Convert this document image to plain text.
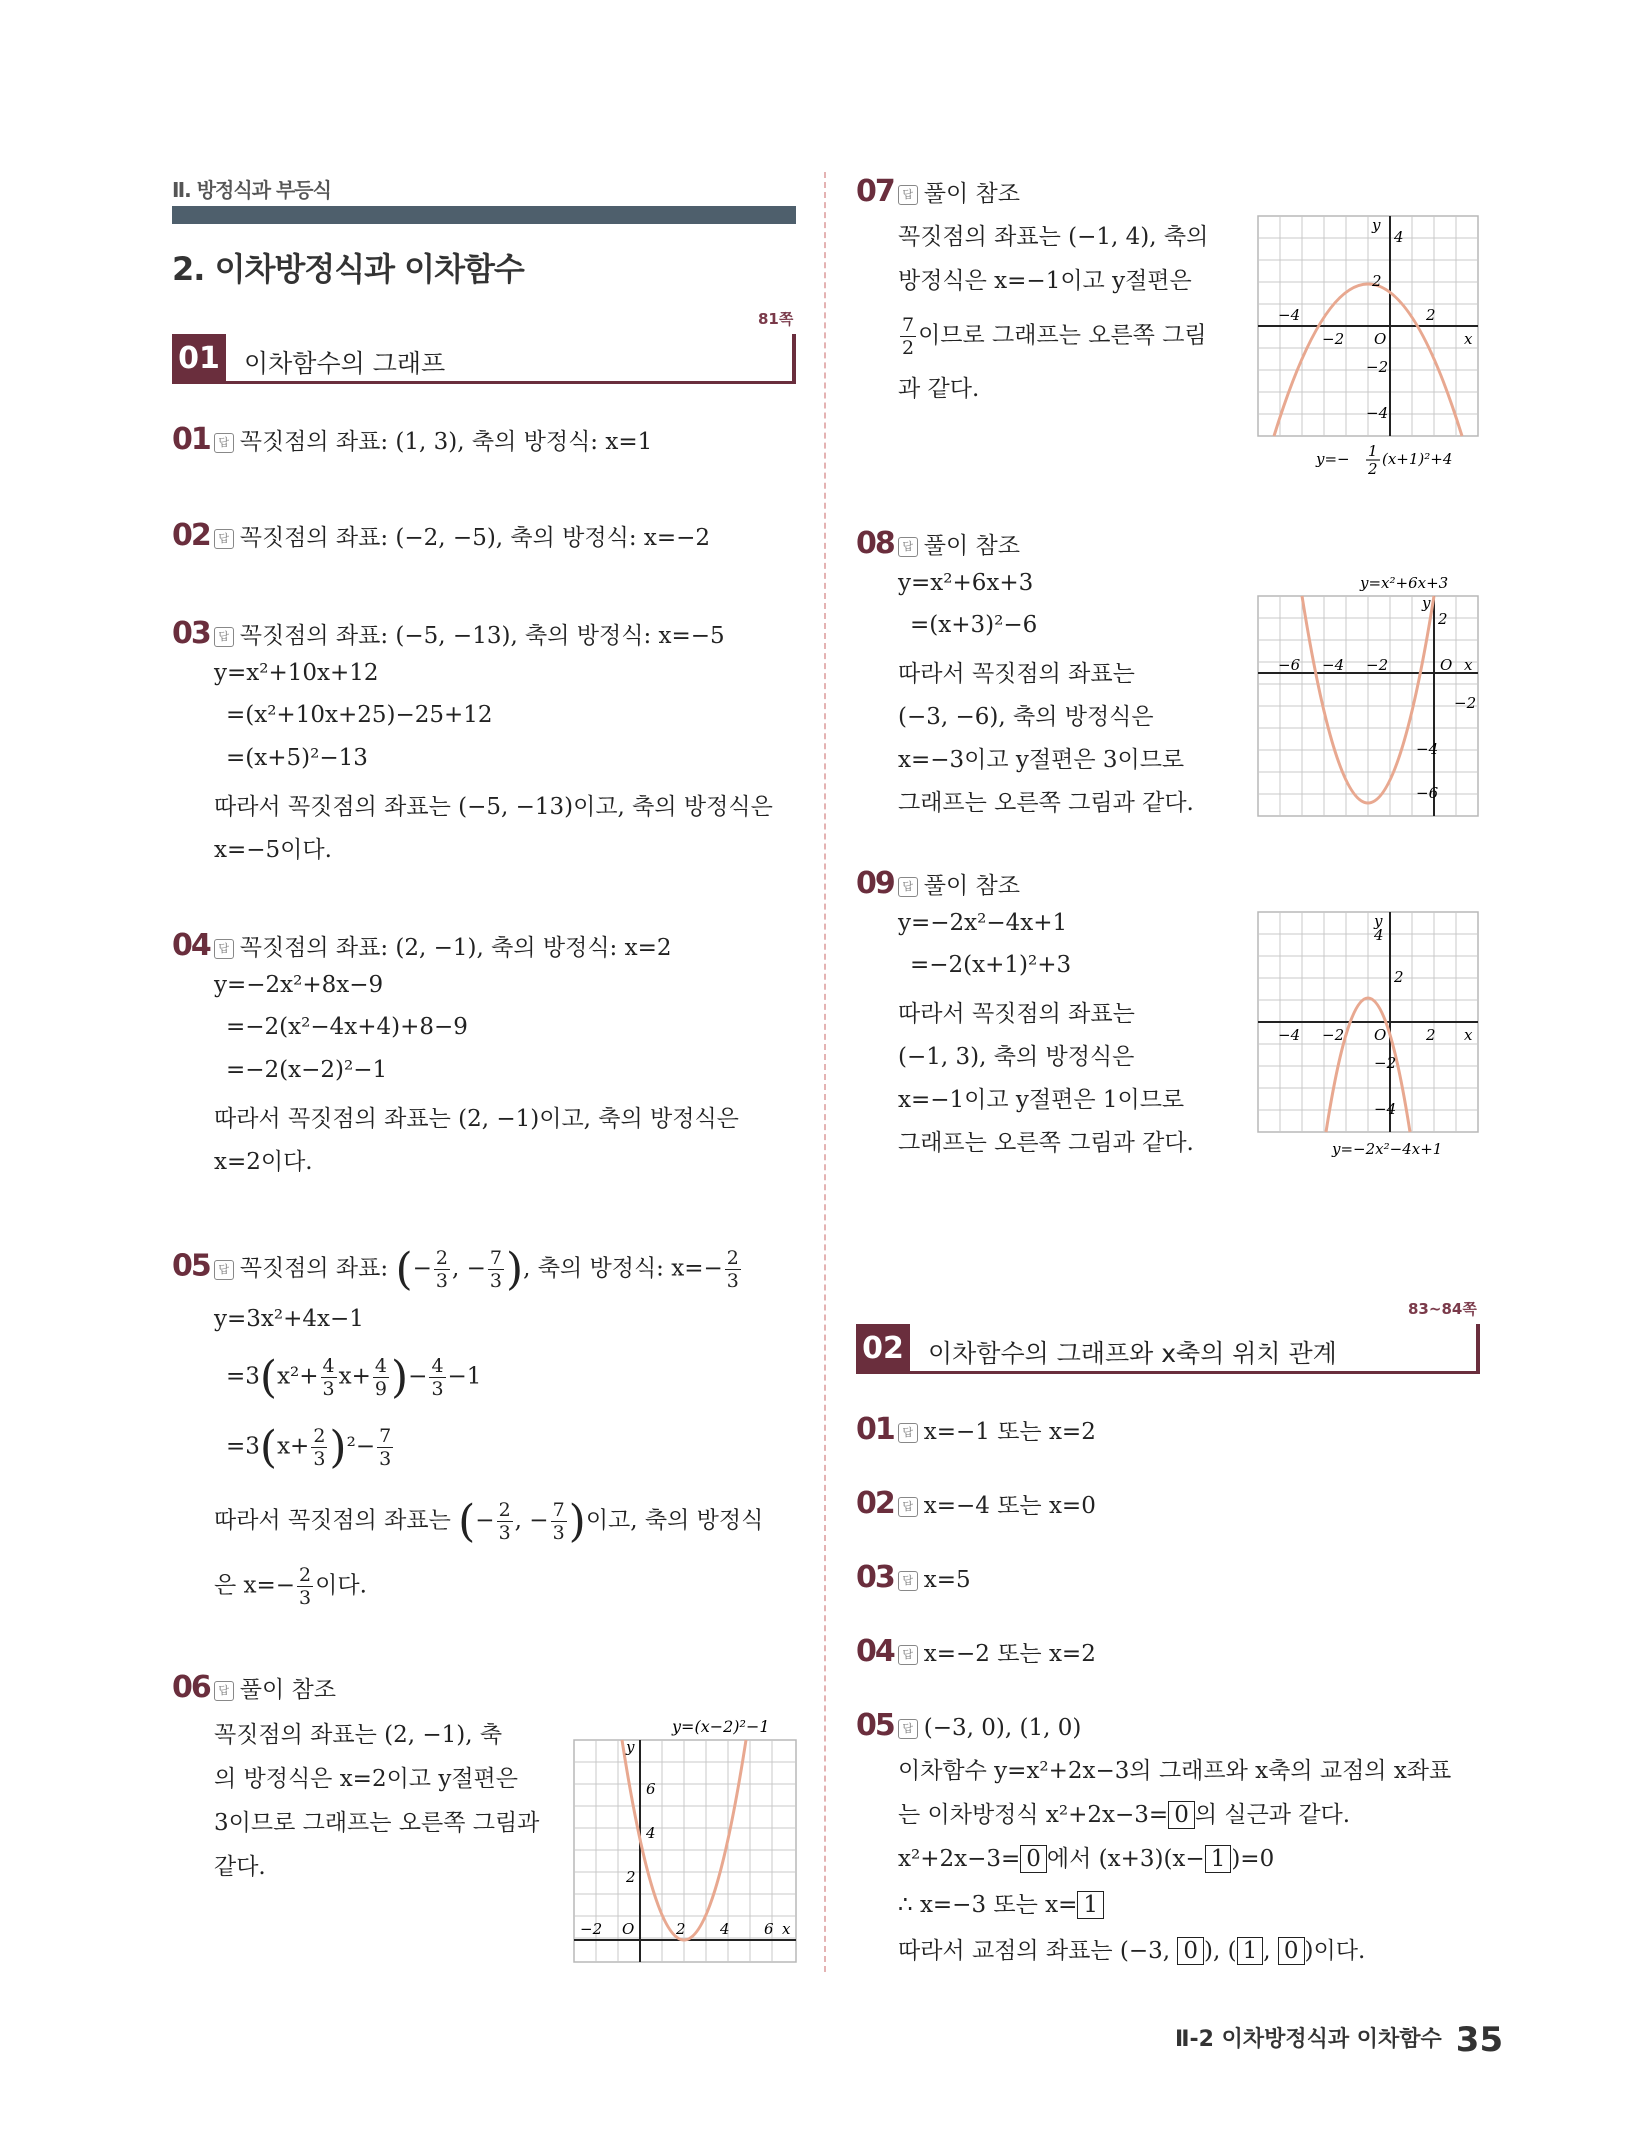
Ⅱ. 방정식과 부등식
2. 이차방정식과 이차함수
81쪽
01 이차함수의 그래프
01 답 꼭짓점의 좌표: (1, 3), 축의 방정식: x=1
02 답 꼭짓점의 좌표: (−2, −5), 축의 방정식: x=−2
03 답 꼭짓점의 좌표: (−5, −13), 축의 방정식: x=−5
y=x²+10x+12
=(x²+10x+25)−25+12
=(x+5)²−13
따라서 꼭짓점의 좌표는 (−5, −13)이고, 축의 방정식은
x=−5이다.
04 답 꼭짓점의 좌표: (2, −1), 축의 방정식: x=2
y=−2x²+8x−9
=−2(x²−4x+4)+8−9
=−2(x−2)²−1
따라서 꼭짓점의 좌표는 (2, −1)이고, 축의 방정식은
x=2이다.
05 답 꼭짓점의 좌표: (− $\frac{2}{3}$ , − $\frac{7}{3}$ ), 축의 방정식: $x=- \frac{2}{3}$
y=3x²+4x−1
$=3(x^2+ \frac{4}{3} x+ \frac{4}{9}$ )− $\frac{4}{3} -1$
$=3(x+ \frac{2}{3} )^2- \frac{7}{3}$
따라서 꼭짓점의 좌표는 (− $\frac{2}{3}$ , − $\frac{7}{3}$ )이고, 축의 방정식
은 $x=- \frac{2}{3}$ 이다.
06 답 풀이 참조
꼭짓점의 좌표는 (2, −1), 축
의 방정식은 x=2이고 y절편은
3이므로 그래프는 오른쪽 그림과
같다.
y=(x−2)²−1
y
6
4
2
−2 O	2 4 6 x
07 답 풀이 참조
꼭짓점의 좌표는 (−1, 4), 축의
방정식은 x=−1이고 y절편은
$\frac{7}{2}$ 이므로 그래프는 오른쪽 그림
과 같다.
y
4
2
−4
−2 O
2
x
−2
−4
y=− 1
2
(x+1)²+4
08 답 풀이 참조
y=x²+6x+3
=(x+3)²−6
따라서 꼭짓점의 좌표는
(−3, −6), 축의 방정식은
x=−3이고 y절편은 3이므로
그래프는 오른쪽 그림과 같다.
y=x²+6x+3
y
2
−6 −4 −2	O x
−2
−4
−6
09 답 풀이 참조
y=−2x²−4x+1
=−2(x+1)²+3
따라서 꼭짓점의 좌표는
(−1, 3), 축의 방정식은
x=−1이고 y절편은 1이므로
그래프는 오른쪽 그림과 같다.
y
4
2
−4 −2 O	2 x
−2
−4
y=−2x²−4x+1
83~84쪽
02 이차함수의 그래프와 x축의 위치 관계
01 답 x=−1 또는 x=2
02 답 x=−4 또는 x=0
03 답 x=5
04 답 x=−2 또는 x=2
05 답 (−3, 0), (1, 0)
이차함수 y=x²+2x−3의 그래프와 x축의 교점의 x좌표
는 이차방정식 x²+2x−3= 0 의 실근과 같다.
x²+2x−3= 0 에서 (x+3)(x− 1 )=0
∴ x=−3 또는 x= 1
따라서 교점의 좌표는 (−3, 0 ), ( 1 , 0 )이다.
Ⅱ-2 이차방정식과 이차함수 35
